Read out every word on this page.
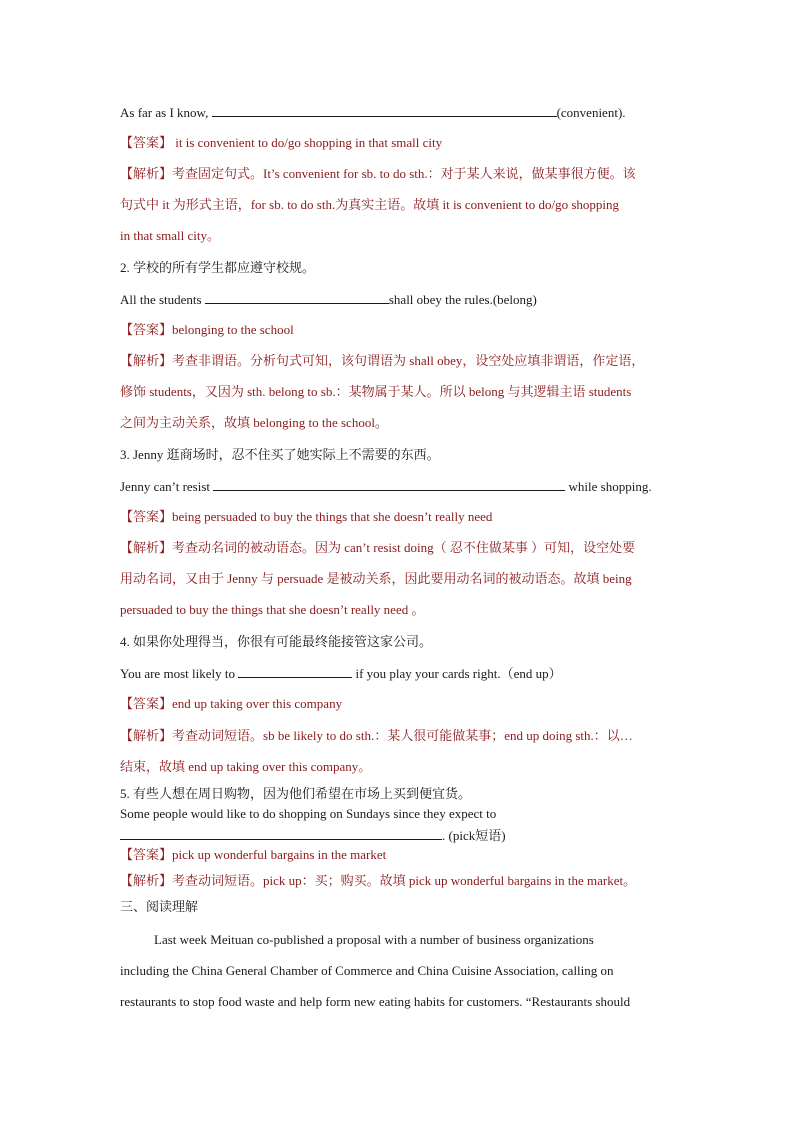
As far as I know,	(convenient).
【答案】 it is convenient to do/go shopping in that small city
【解析】考查固定句式。It’s convenient for sb. to do sth.：对于某人来说，做某事很方便。该
句式中 it 为形式主语，for sb. to do sth.为真实主语。故填 it is convenient to do/go shopping
in that small city。
2. 学校的所有学生都应遵守校规。
All the students	shall obey the rules.(belong)
【答案】belonging to the school
【解析】考查非谓语。分析句式可知，该句谓语为 shall obey，设空处应填非谓语，作定语，
修饰 students，又因为 sth. belong to sb.：某物属于某人。所以 belong 与其逻辑主语 students
之间为主动关系，故填 belonging to the school。
3. Jenny 逛商场时，忍不住买了她实际上不需要的东西。
Jenny can’t resist	while shopping.
【答案】being persuaded to buy the things that she doesn’t really need
【解析】考查动名词的被动语态。因为 can’t resist doing（ 忍不住做某事 ）可知，设空处要
用动名词，又由于 Jenny 与 persuade 是被动关系，因此要用动名词的被动语态。故填 being
persuaded to buy the things that she doesn’t really need 。
4. 如果你处理得当，你很有可能最终能接管这家公司。
You are most likely to	if you play your cards right.（end up）
【答案】end up taking over this company
【解析】考查动词短语。sb be likely to do sth.：某人很可能做某事；end up doing sth.：以…
结束，故填 end up taking over this company。
5. 有些人想在周日购物，因为他们希望在市场上买到便宜货。
Some people would like to do shopping on Sundays since they expect to
. (pick短语)
【答案】pick up wonderful bargains in the market
【解析】考查动词短语。pick up：买；购买。故填 pick up wonderful bargains in the market。
三、阅读理解
Last week Meituan co-published a proposal with a number of business organizations
including the China General Chamber of Commerce and China Cuisine Association, calling on
restaurants to stop food waste and help form new eating habits for customers. “Restaurants should
